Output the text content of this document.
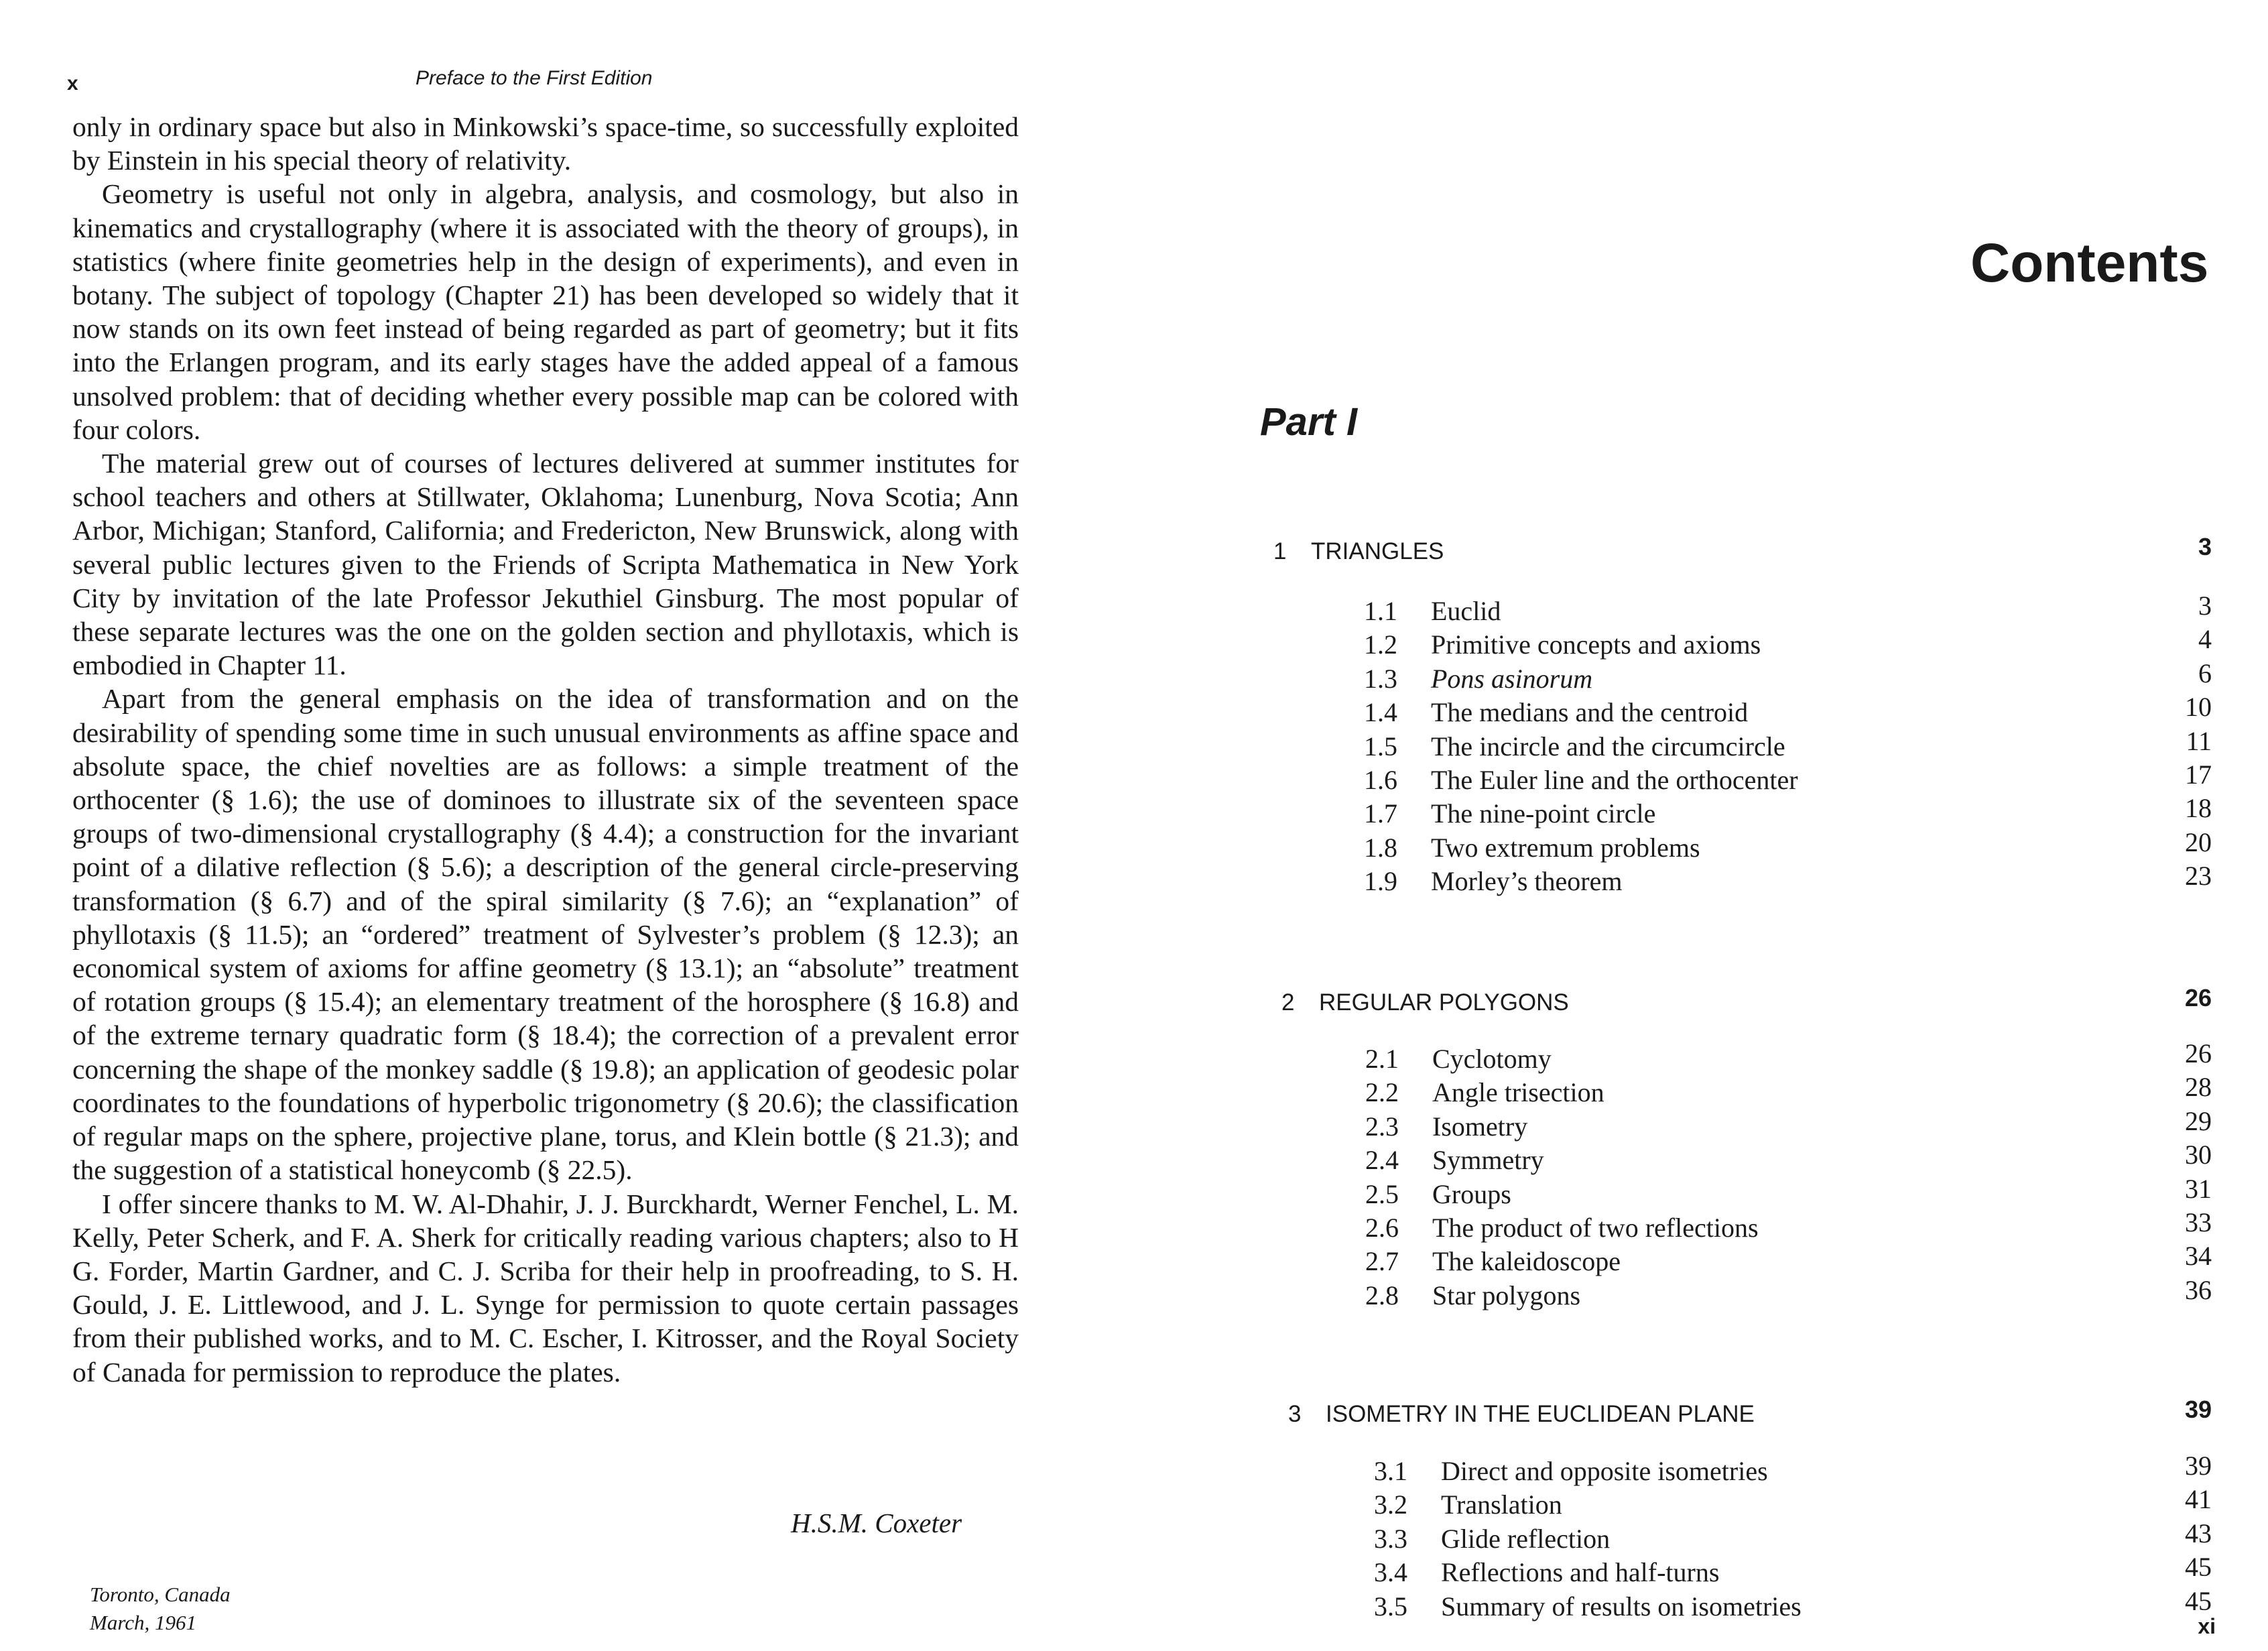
x	Preface to the First Edition

only in ordinary space but also in Minkowski’s space-time, so successfully exploited by Einstein in his special theory of relativity.

Geometry is useful not only in algebra, analysis, and cosmology, but also in kinematics and crystallography (where it is associated with the theory of groups), in statistics (where finite geometries help in the design of experiments), and even in botany. The subject of topology (Chapter 21) has been developed so widely that it now stands on its own feet instead of being regarded as part of geometry; but it fits into the Erlangen program, and its early stages have the added appeal of a famous unsolved problem: that of deciding whether every possible map can be colored with four colors.

The material grew out of courses of lectures delivered at summer institutes for school teachers and others at Stillwater, Oklahoma; Lunenburg, Nova Scotia; Ann Arbor, Michigan; Stanford, California; and Fredericton, New Brunswick, along with several public lectures given to the Friends of Scripta Mathematica in New York City by invitation of the late Professor Jekuthiel Ginsburg. The most popular of these separate lectures was the one on the golden section and phyllotaxis, which is embodied in Chapter 11.

Apart from the general emphasis on the idea of transformation and on the desirability of spending some time in such unusual environments as affine space and absolute space, the chief novelties are as follows: a simple treatment of the orthocenter (§ 1.6); the use of dominoes to illustrate six of the seventeen space groups of two-dimensional crystallography (§ 4.4); a construction for the invariant point of a dilative reflection (§ 5.6); a description of the general circle-preserving transformation (§ 6.7) and of the spiral similarity (§ 7.6); an “explanation” of phyllotaxis (§ 11.5); an “ordered” treatment of Sylvester’s problem (§ 12.3); an economical system of axioms for affine geometry (§ 13.1); an “absolute” treatment of rotation groups (§ 15.4); an elementary treatment of the horosphere (§ 16.8) and of the extreme ternary quadratic form (§ 18.4); the correction of a prevalent error concerning the shape of the monkey saddle (§ 19.8); an application of geodesic polar coordinates to the foundations of hyperbolic trigonometry (§ 20.6); the classification of regular maps on the sphere, projective plane, torus, and Klein bottle (§ 21.3); and the suggestion of a statistical honeycomb (§ 22.5).

I offer sincere thanks to M. W. Al-Dhahir, J. J. Burckhardt, Werner Fenchel, L. M. Kelly, Peter Scherk, and F. A. Sherk for critically reading various chapters; also to H G. Forder, Martin Gardner, and C. J. Scriba for their help in proofreading, to S. H. Gould, J. E. Littlewood, and J. L. Synge for permission to quote certain passages from their published works, and to M. C. Escher, I. Kitrosser, and the Royal Society of Canada for permission to reproduce the plates.

H.S.M. Coxeter
Toronto, Canada
March, 1961
Contents
Part I
1 TRIANGLES	3
1.1 Euclid	3
1.2 Primitive concepts and axioms	4
1.3 Pons asinorum	6
1.4 The medians and the centroid	10
1.5 The incircle and the circumcircle	11
1.6 The Euler line and the orthocenter	17
1.7 The nine-point circle	18
1.8 Two extremum problems	20
1.9 Morley’s theorem	23
2 REGULAR POLYGONS	26
2.1 Cyclotomy	26
2.2 Angle trisection	28
2.3 Isometry	29
2.4 Symmetry	30
2.5 Groups	31
2.6 The product of two reflections	33
2.7 The kaleidoscope	34
2.8 Star polygons	36
3 ISOMETRY IN THE EUCLIDEAN PLANE	39
3.1 Direct and opposite isometries	39
3.2 Translation	41
3.3 Glide reflection	43
3.4 Reflections and half-turns	45
3.5 Summary of results on isometries	45
xi
